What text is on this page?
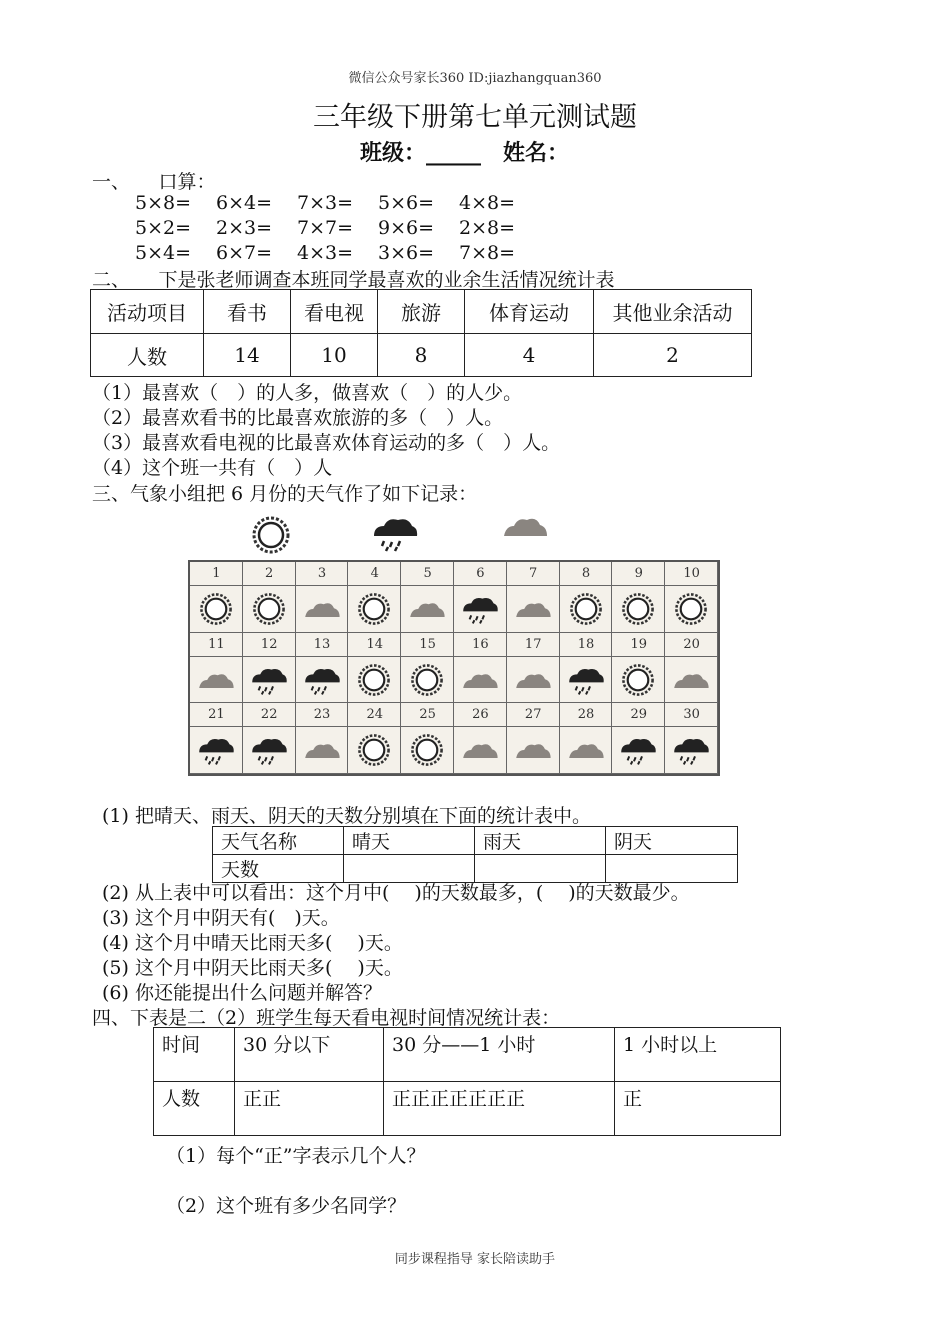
微信公众号家长360 ID:jiazhangquan360
三年级下册第七单元测试题
班级：_____　姓名：
一、　　口算：
5×8= 6×4= 7×3= 5×6= 4×8=
5×2= 2×3= 7×7= 9×6= 2×8=
5×4= 6×7= 4×3= 3×6= 7×8=
二、　　下是张老师调查本班同学最喜欢的业余生活情况统计表
活动项目	看书	看电视	旅游	体育运动	其他业余活动
人数	14	10	8	4	2
（1）最喜欢（　）的人多，做喜欢（　）的人少。
（2）最喜欢看书的比最喜欢旅游的多（　）人。
（3）最喜欢看电视的比最喜欢体育运动的多（　）人。
（4）这个班一共有（　）人
三、气象小组把 6 月份的天气作了如下记录：
1	2	3	4	5	6	7	8	9	10
11	12	13	14	15	16	17	18	19	20
21	22	23	24	25	26	27	28	29	30
(1) 把晴天、雨天、阴天的天数分别填在下面的统计表中。
天气名称	晴天	雨天	阴天
天数			
(2) 从上表中可以看出：这个月中(　 )的天数最多，(　 )的天数最少。
(3) 这个月中阴天有(　)天。
(4) 这个月中晴天比雨天多(　 )天。
(5) 这个月中阴天比雨天多(　 )天。
(6) 你还能提出什么问题并解答？
四、下表是二（2）班学生每天看电视时间情况统计表：
时间	30 分以下	30 分——1 小时	1 小时以上
人数	正正	正正正正正正正	正
（1）每个“正”字表示几个人？
（2）这个班有多少名同学？
同步课程指导 家长陪读助手
